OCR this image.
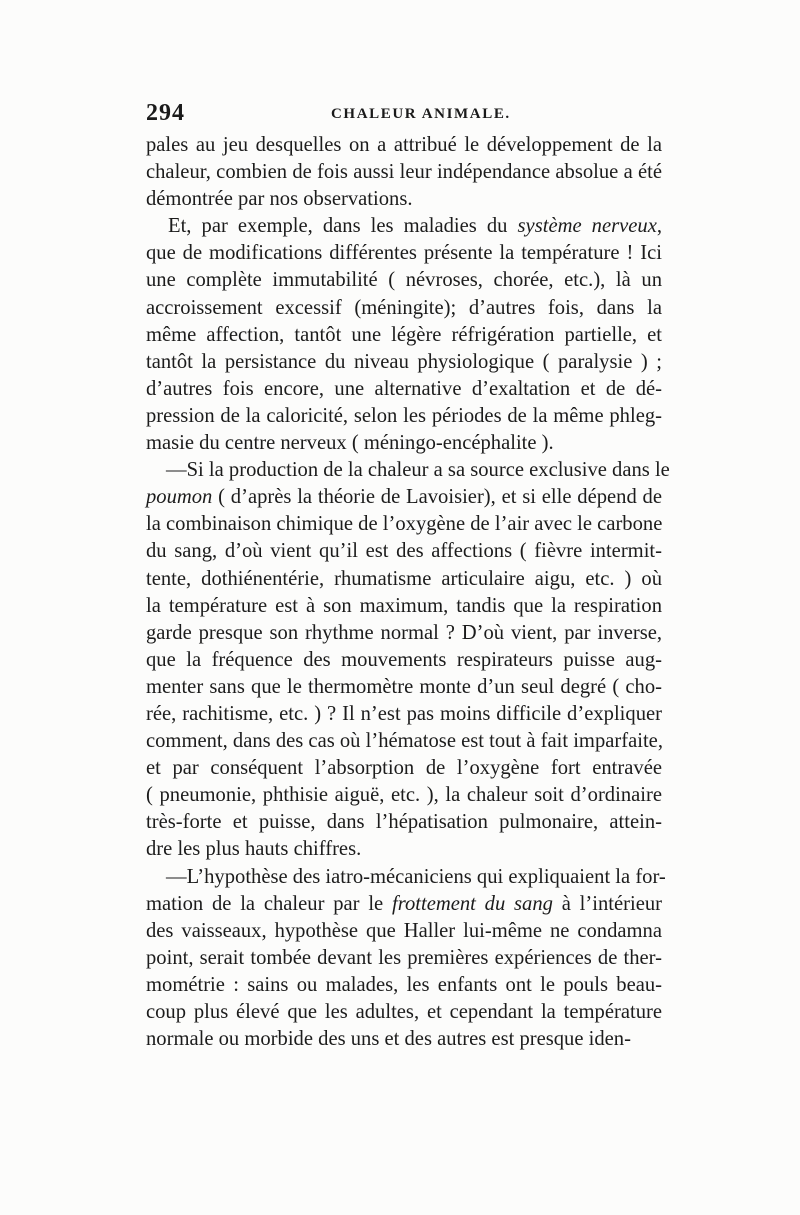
294	CHALEUR ANIMALE.
pales au jeu desquelles on a attribué le développement de la
chaleur, combien de fois aussi leur indépendance absolue a été
démontrée par nos observations.
Et, par exemple, dans les maladies du système nerveux,
que de modifications différentes présente la température ! Ici
une complète immutabilité ( névroses, chorée, etc.), là un
accroissement excessif (méningite); d’autres fois, dans la
même affection, tantôt une légère réfrigération partielle, et
tantôt la persistance du niveau physiologique ( paralysie ) ;
d’autres fois encore, une alternative d’exaltation et de dé-
pression de la caloricité, selon les périodes de la même phleg-
masie du centre nerveux ( méningo-encéphalite ).
—Si la production de la chaleur a sa source exclusive dans le
poumon ( d’après la théorie de Lavoisier), et si elle dépend de
la combinaison chimique de l’oxygène de l’air avec le carbone
du sang, d’où vient qu’il est des affections ( fièvre intermit-
tente, dothiénentérie, rhumatisme articulaire aigu, etc. ) où
la température est à son maximum, tandis que la respiration
garde presque son rhythme normal ? D’où vient, par inverse,
que la fréquence des mouvements respirateurs puisse aug-
menter sans que le thermomètre monte d’un seul degré ( cho-
rée, rachitisme, etc. ) ? Il n’est pas moins difficile d’expliquer
comment, dans des cas où l’hématose est tout à fait imparfaite,
et par conséquent l’absorption de l’oxygène fort entravée
( pneumonie, phthisie aiguë, etc. ), la chaleur soit d’ordinaire
très-forte et puisse, dans l’hépatisation pulmonaire, attein-
dre les plus hauts chiffres.
—L’hypothèse des iatro-mécaniciens qui expliquaient la for-
mation de la chaleur par le frottement du sang à l’intérieur
des vaisseaux, hypothèse que Haller lui-même ne condamna
point, serait tombée devant les premières expériences de ther-
mométrie : sains ou malades, les enfants ont le pouls beau-
coup plus élevé que les adultes, et cependant la température
normale ou morbide des uns et des autres est presque iden-
